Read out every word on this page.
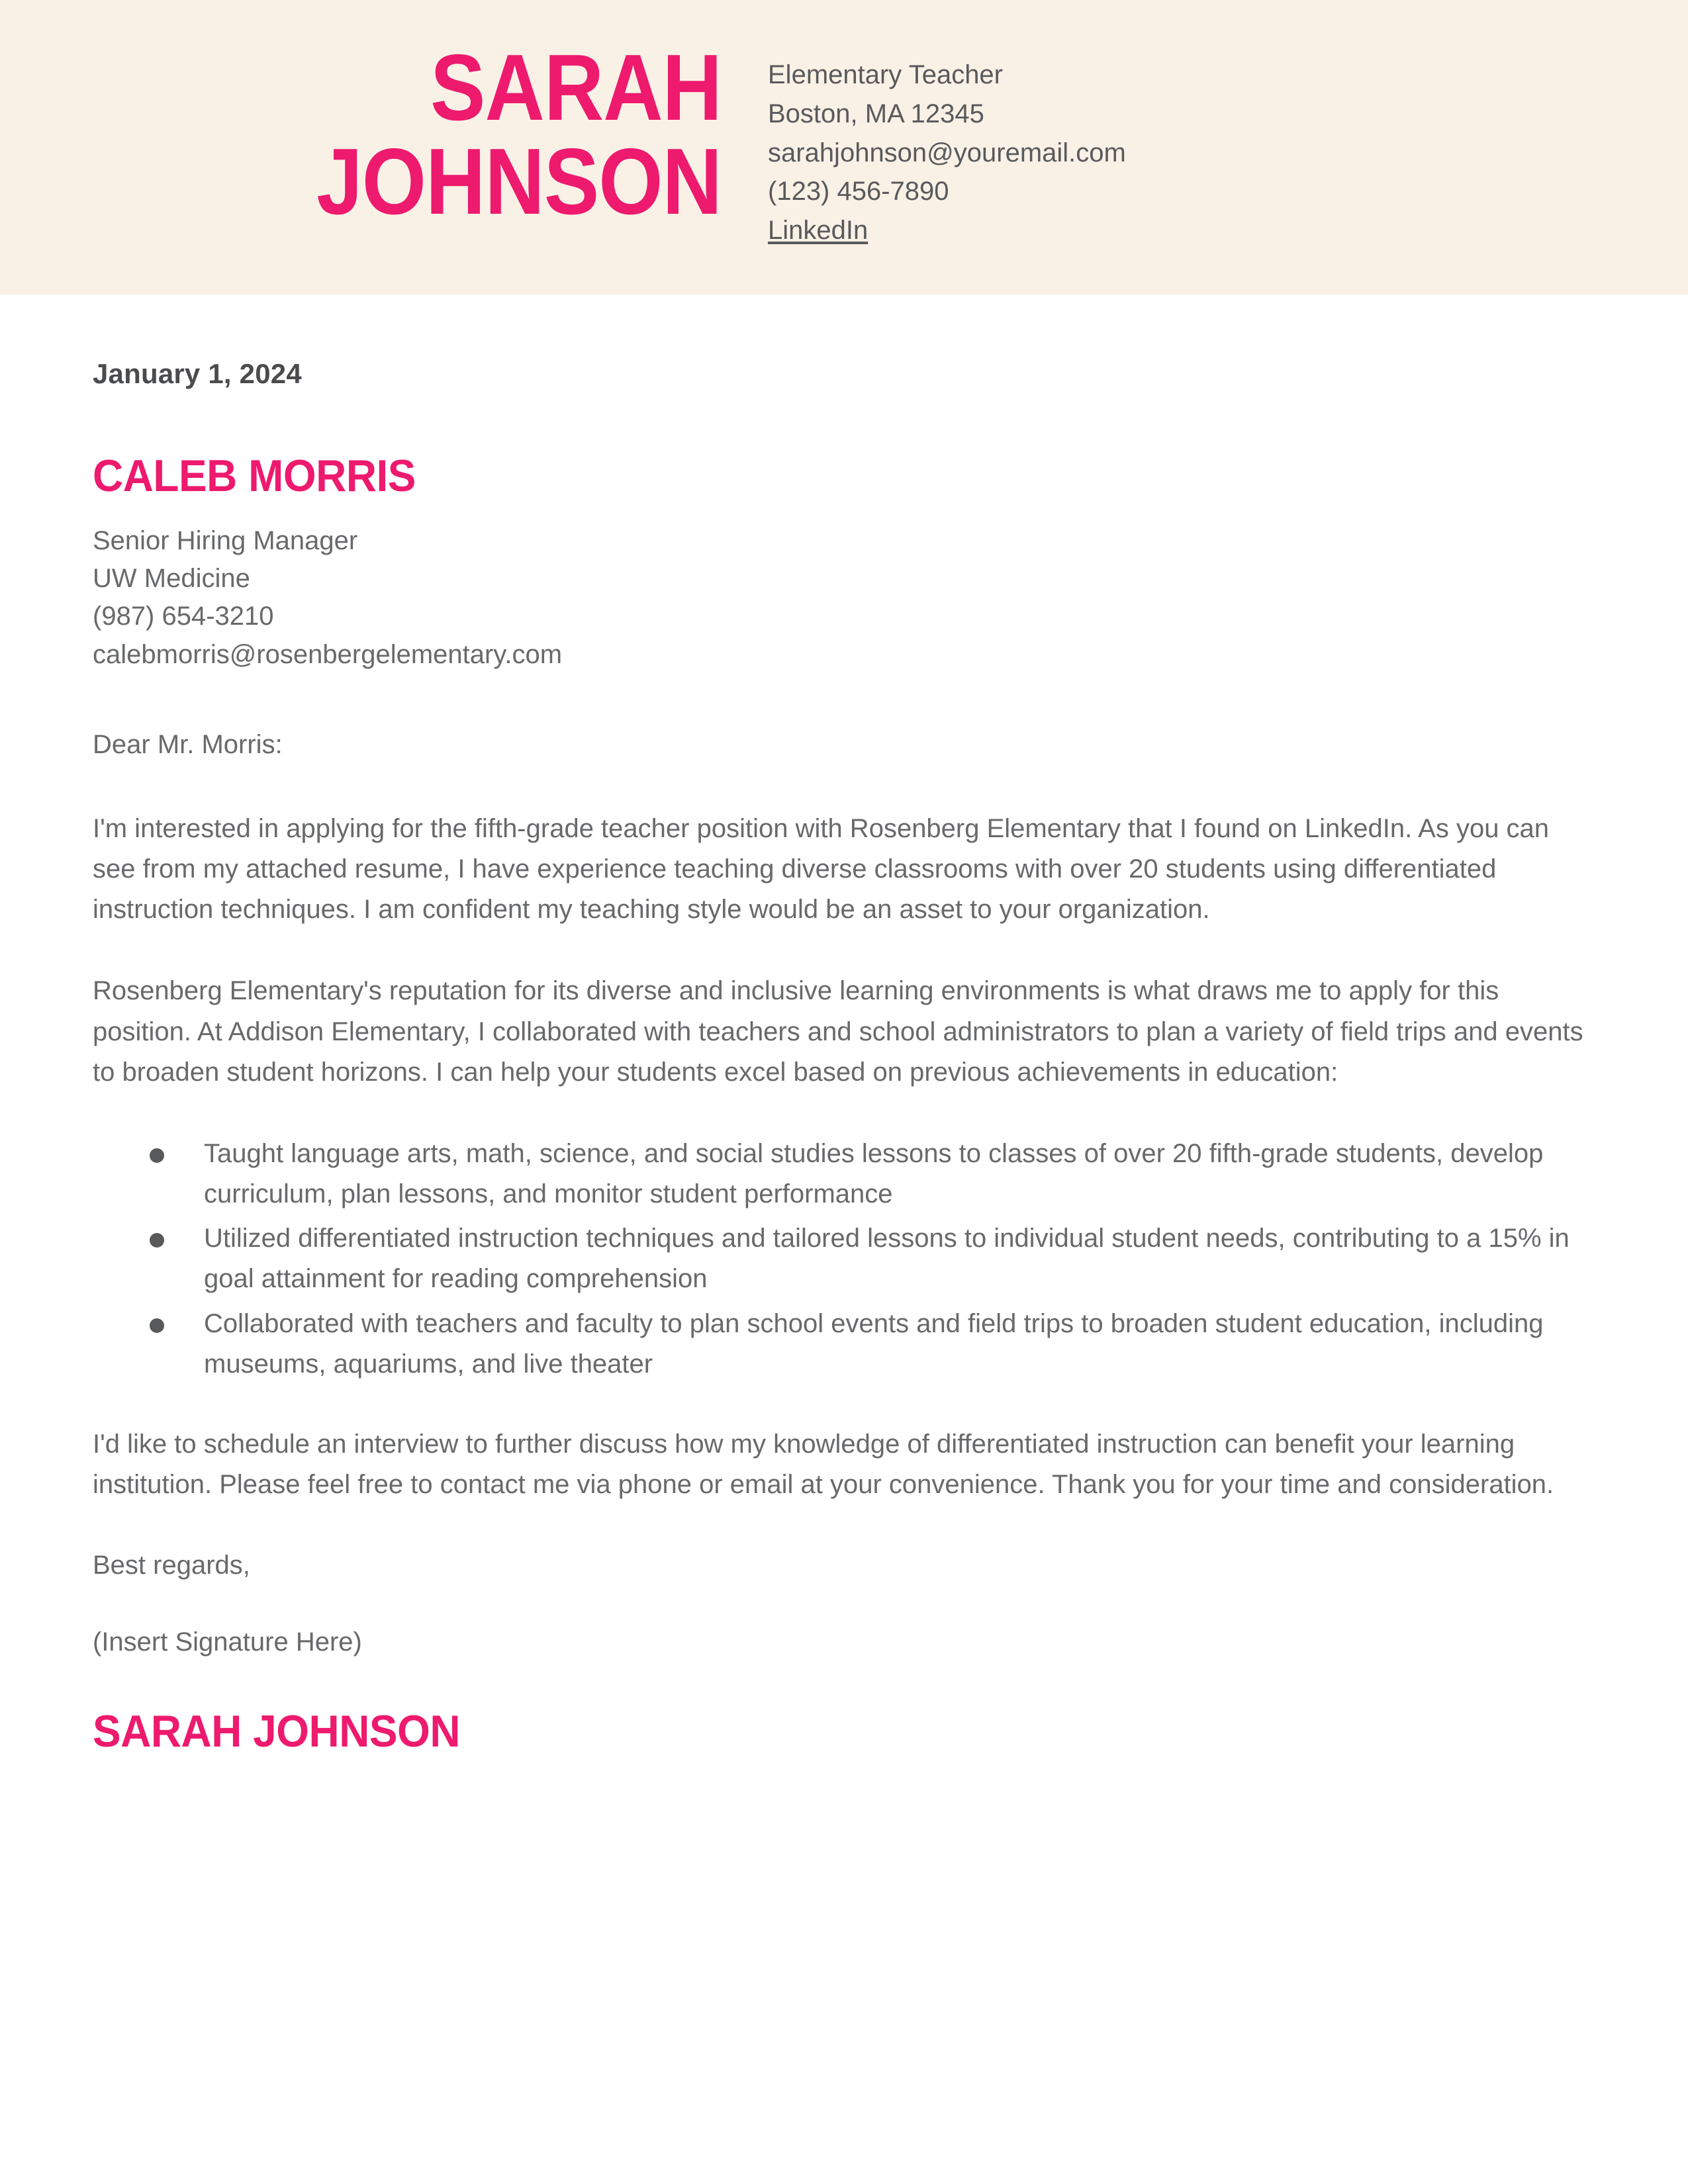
SARAH
JOHNSON
Elementary Teacher
Boston, MA 12345
sarahjohnson@youremail.com
(123) 456-7890
LinkedIn
January 1, 2024
CALEB MORRIS
Senior Hiring Manager
UW Medicine
(987) 654-3210
calebmorris@rosenbergelementary.com

Dear Mr. Morris:

I'm interested in applying for the fifth-grade teacher position with Rosenberg Elementary that I found on LinkedIn. As you can see from my attached resume, I have experience teaching diverse classrooms with over 20 students using differentiated instruction techniques. I am confident my teaching style would be an asset to your organization.

Rosenberg Elementary's reputation for its diverse and inclusive learning environments is what draws me to apply for this position. At Addison Elementary, I collaborated with teachers and school administrators to plan a variety of field trips and events to broaden student horizons. I can help your students excel based on previous achievements in education:

Taught language arts, math, science, and social studies lessons to classes of over 20 fifth-grade students, develop curriculum, plan lessons, and monitor student performance
Utilized differentiated instruction techniques and tailored lessons to individual student needs, contributing to a 15% in goal attainment for reading comprehension
Collaborated with teachers and faculty to plan school events and field trips to broaden student education, including museums, aquariums, and live theater

I'd like to schedule an interview to further discuss how my knowledge of differentiated instruction can benefit your learning institution. Please feel free to contact me via phone or email at your convenience. Thank you for your time and consideration.

Best regards,

(Insert Signature Here)

SARAH JOHNSON
